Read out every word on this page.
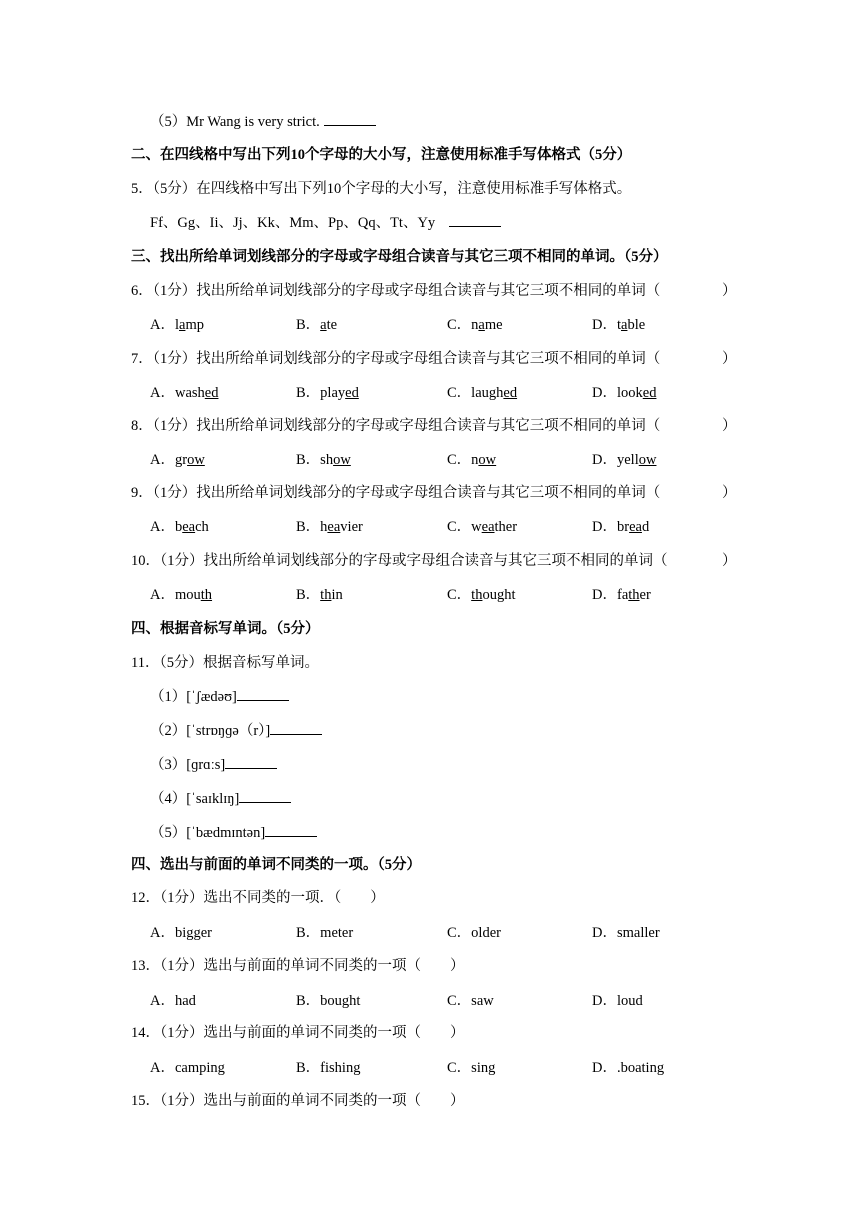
（5）Mr Wang is very strict.
二、在四线格中写出下列10个字母的大小写，注意使用标准手写体格式（5分）
5．（5分）在四线格中写出下列10个字母的大小写，注意使用标准手写体格式。
Ff、Gg、Ii、Jj、Kk、Mm、Pp、Qq、Tt、Yy
三、找出所给单词划线部分的字母或字母组合读音与其它三项不相同的单词。（5分）
6．（1分）找出所给单词划线部分的字母或字母组合读音与其它三项不相同的单词（	）
A．lamp	B．ate	C．name	D．table
7．（1分）找出所给单词划线部分的字母或字母组合读音与其它三项不相同的单词（	）
A．washed	B．played	C．laughed	D．looked
8．（1分）找出所给单词划线部分的字母或字母组合读音与其它三项不相同的单词（	）
A．grow	B．show	C．now	D．yellow
9．（1分）找出所给单词划线部分的字母或字母组合读音与其它三项不相同的单词（	）
A．beach	B．heavier	C．weather	D．bread
10．（1分）找出所给单词划线部分的字母或字母组合读音与其它三项不相同的单词（	）
A．mouth	B．thin	C．thought	D．father
四、根据音标写单词。（5分）
11．（5分）根据音标写单词。
（1）[ˈʃædəʊ]
（2）[ˈstrɒŋɡə（r）]
（3）[ɡrɑːs]
（4）[ˈsaɪklɪŋ]
（5）[ˈbædmɪntən]
四、选出与前面的单词不同类的一项。（5分）
12．（1分）选出不同类的一项．（　　）
A．bigger	B．meter	C．older	D．smaller
13．（1分）选出与前面的单词不同类的一项（　　）
A．had	B．bought	C．saw	D．loud
14．（1分）选出与前面的单词不同类的一项（　　）
A．camping	B．fishing	C．sing	D．.boating
15．（1分）选出与前面的单词不同类的一项（　　）
